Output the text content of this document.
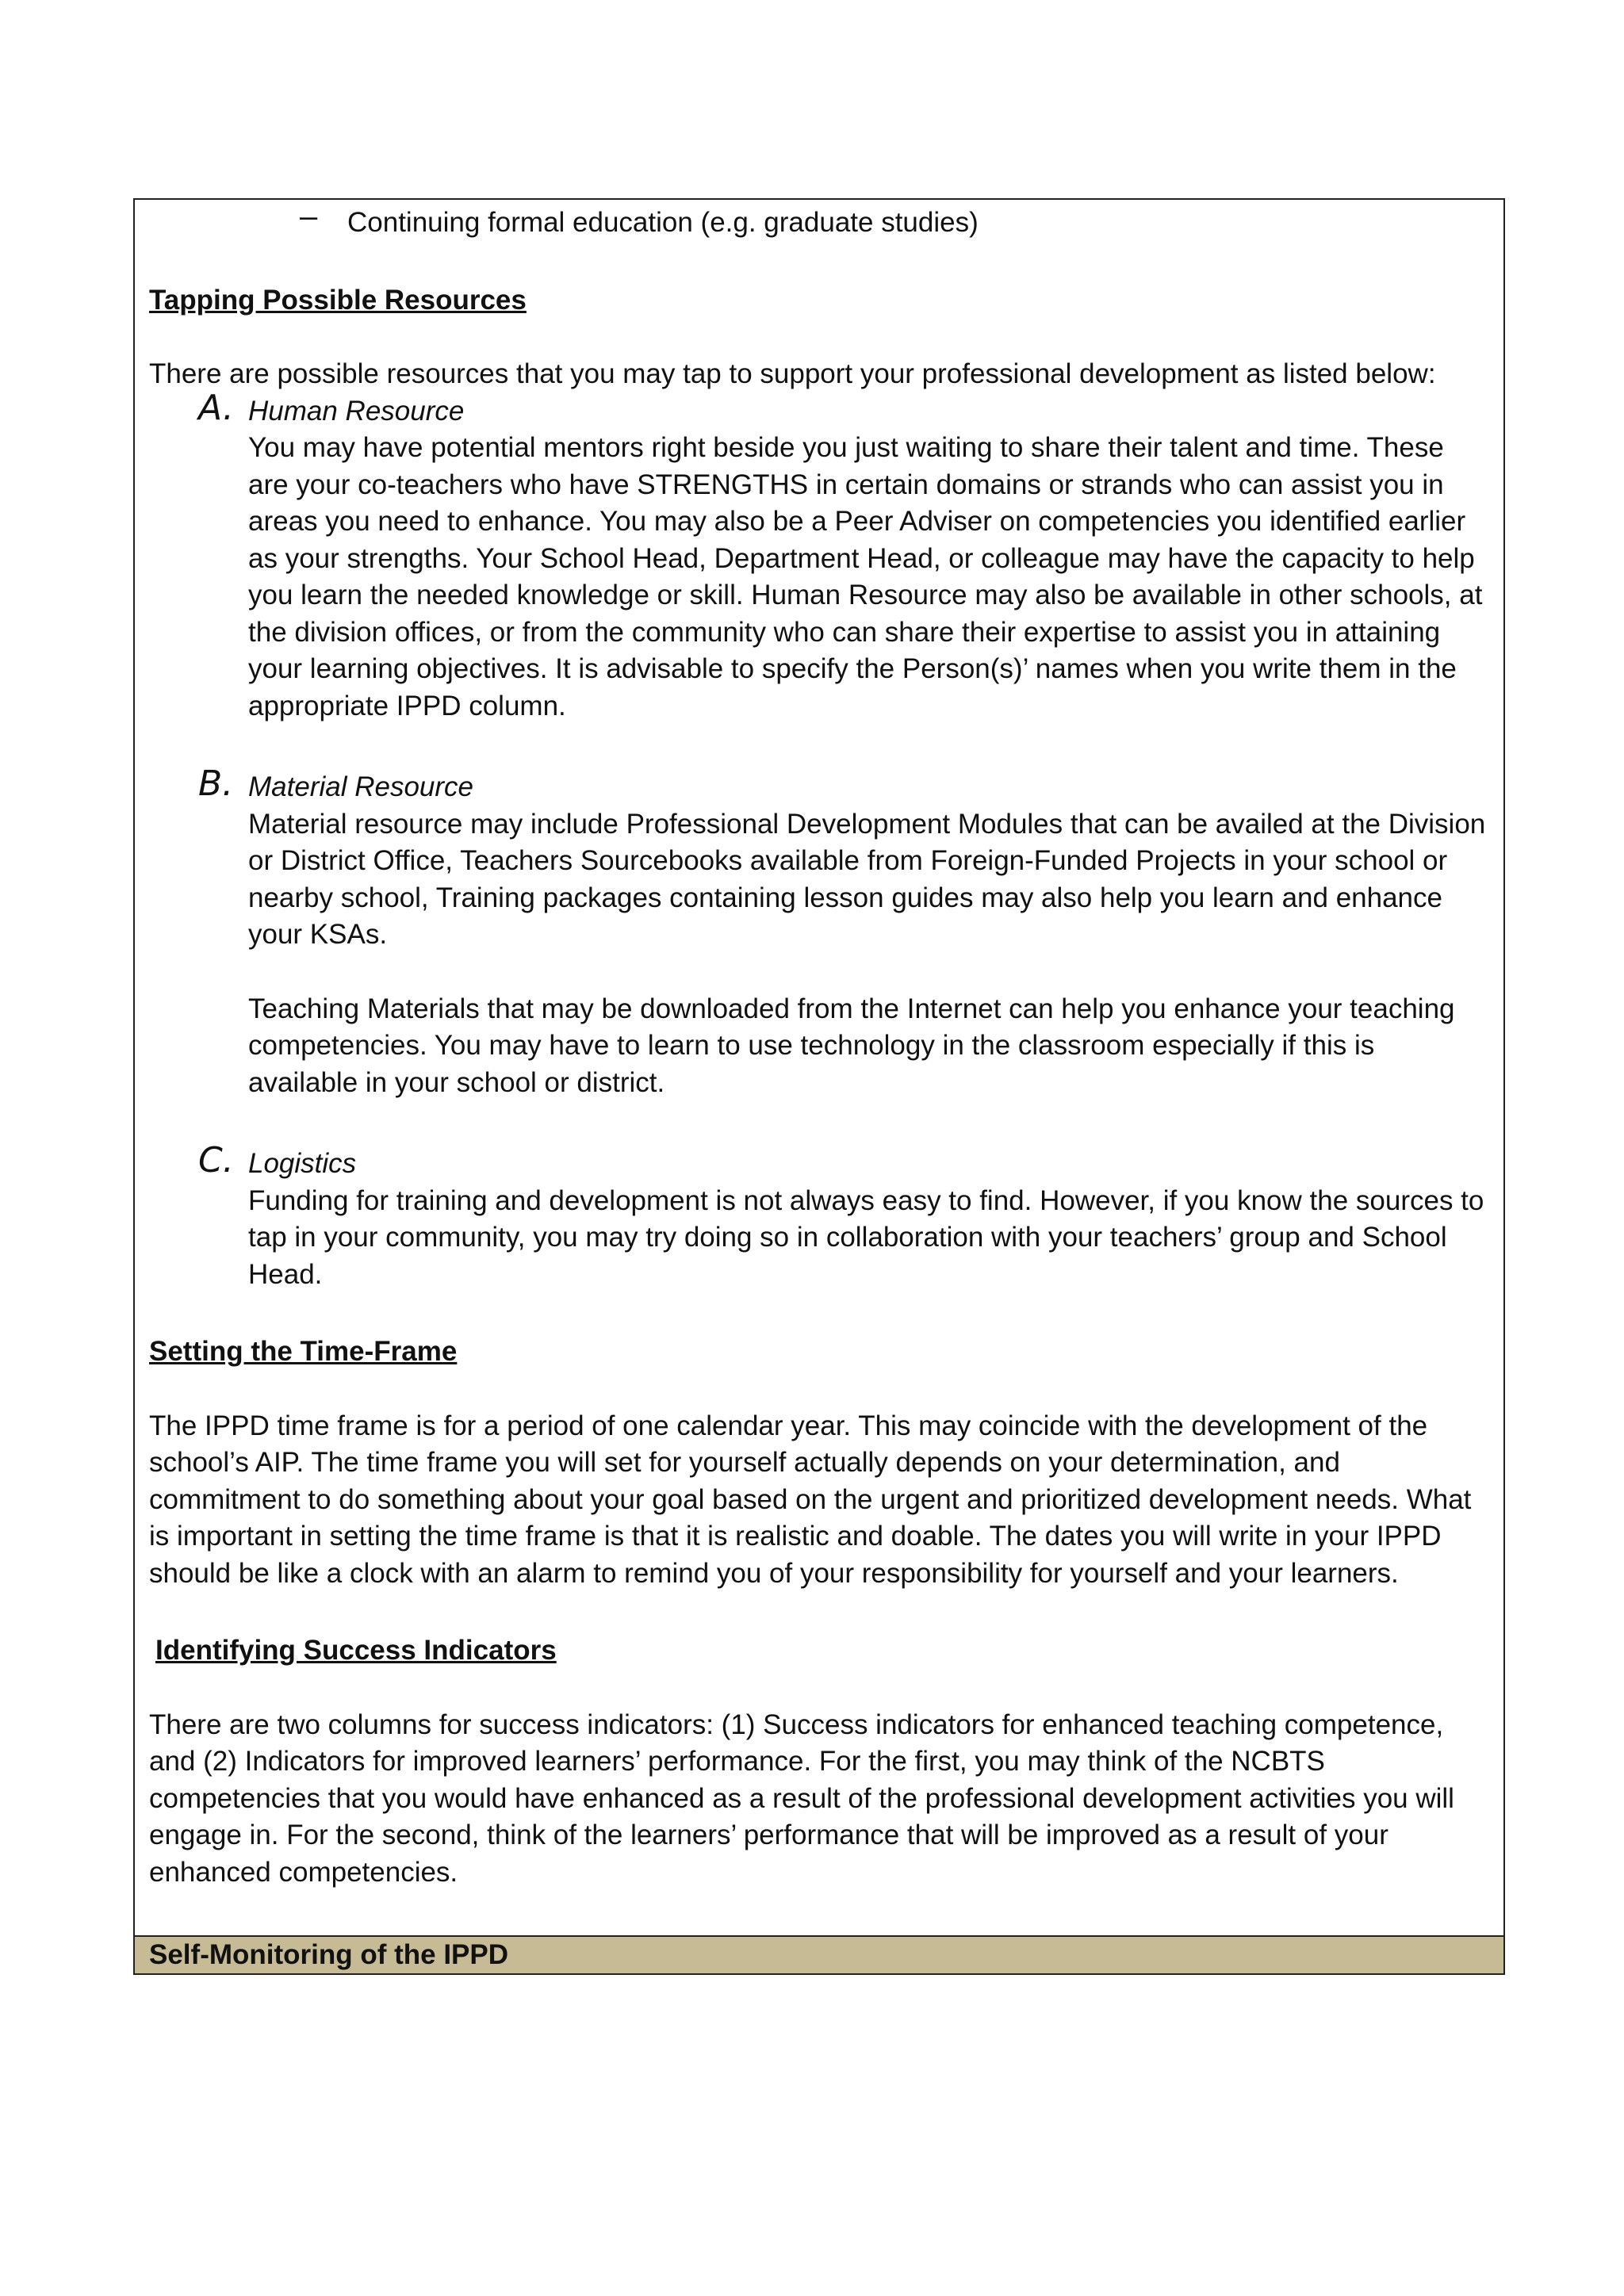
– Continuing formal education (e.g. graduate studies)
Tapping Possible Resources
There are possible resources that you may tap to support your professional development as listed below:
A. Human Resource

You may have potential mentors right beside you just waiting to share their talent and time. These are your co-teachers who have STRENGTHS in certain domains or strands who can assist you in areas you need to enhance. You may also be a Peer Adviser on competencies you identified earlier as your strengths. Your School Head, Department Head, or colleague may have the capacity to help you learn the needed knowledge or skill. Human Resource may also be available in other schools, at the division offices, or from the community who can share their expertise to assist you in attaining your learning objectives. It is advisable to specify the Person(s)’ names when you write them in the appropriate IPPD column.

B. Material Resource

Material resource may include Professional Development Modules that can be availed at the Division or District Office, Teachers Sourcebooks available from Foreign-Funded Projects in your school or nearby school, Training packages containing lesson guides may also help you learn and enhance your KSAs.

Teaching Materials that may be downloaded from the Internet can help you enhance your teaching competencies. You may have to learn to use technology in the classroom especially if this is available in your school or district.

C. Logistics

Funding for training and development is not always easy to find. However, if you know the sources to tap in your community, you may try doing so in collaboration with your teachers’ group and School Head.

Setting the Time-Frame
The IPPD time frame is for a period of one calendar year. This may coincide with the development of the school’s AIP. The time frame you will set for yourself actually depends on your determination, and commitment to do something about your goal based on the urgent and prioritized development needs. What is important in setting the time frame is that it is realistic and doable. The dates you will write in your IPPD should be like a clock with an alarm to remind you of your responsibility for yourself and your learners.
Identifying Success Indicators
There are two columns for success indicators: (1) Success indicators for enhanced teaching competence, and (2) Indicators for improved learners’ performance. For the first, you may think of the NCBTS competencies that you would have enhanced as a result of the professional development activities you will engage in. For the second, think of the learners’ performance that will be improved as a result of your enhanced competencies.
Self-Monitoring of the IPPD
